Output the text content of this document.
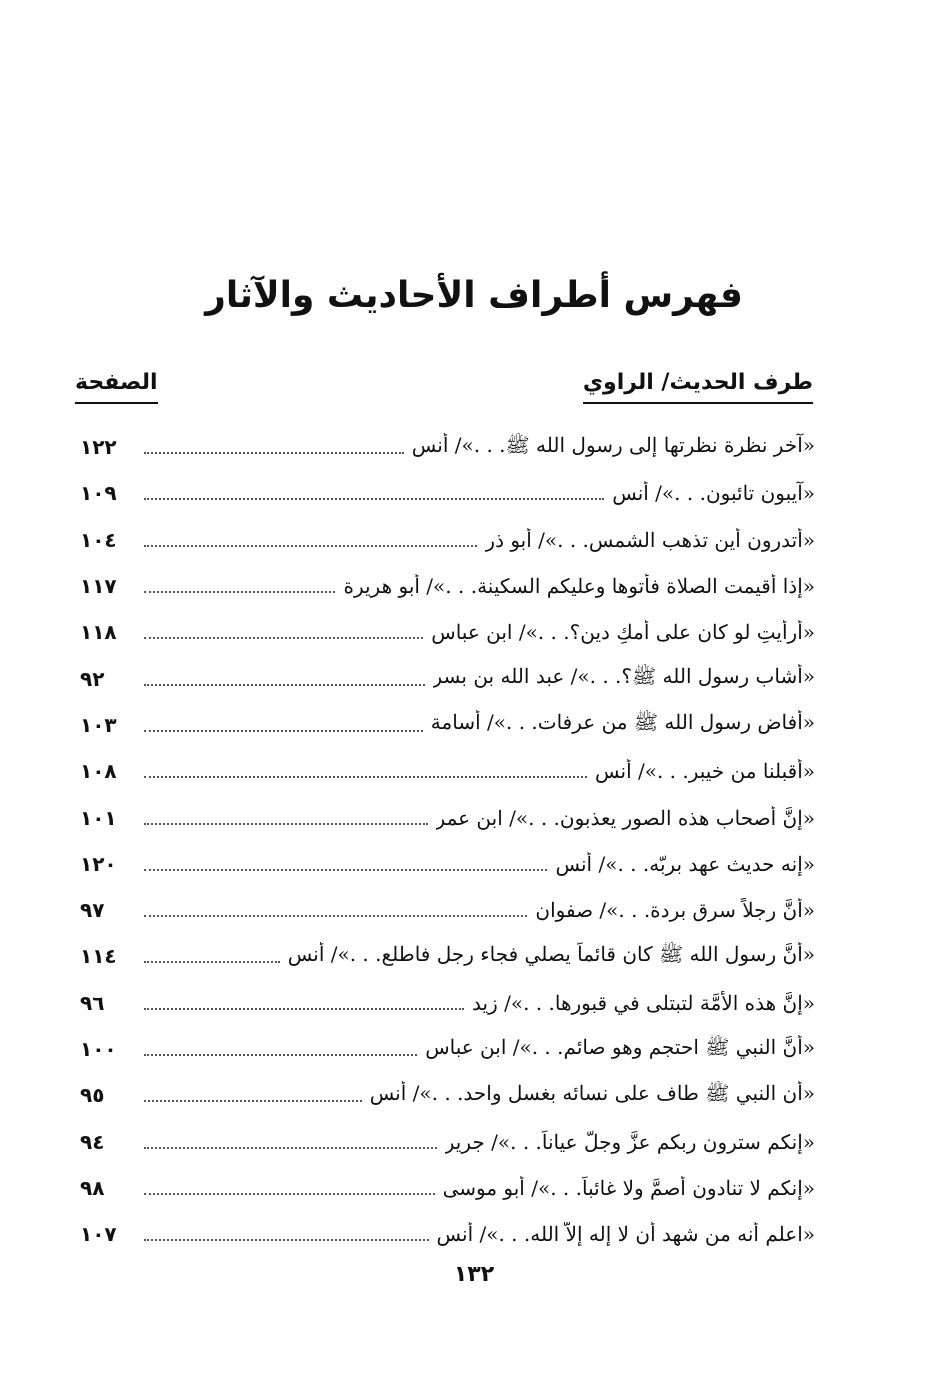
فهرس أطراف الأحاديث والآثار
طرف الحديث/ الراوي
الصفحة
١٢٢	«آخر نظرة نظرتها إلى رسول الله ﷺ. . .»/ أنس
١٠٩	«آيبون تائبون. . .»/ أنس
١٠٤	«أتدرون أين تذهب الشمس. . .»/ أبو ذر
١١٧	«إذا أقيمت الصلاة فأتوها وعليكم السكينة. . .»/ أبو هريرة
١١٨	«أرأيتِ لو كان على أمكِ دين؟. . .»/ ابن عباس
٩٢	«أشاب رسول الله ﷺ؟. . .»/ عبد الله بن بسر
١٠٣	«أفاض رسول الله ﷺ من عرفات. . .»/ أسامة
١٠٨	«أقبلنا من خيبر. . .»/ أنس
١٠١	«إنَّ أصحاب هذه الصور يعذبون. . .»/ ابن عمر
١٢٠	«إنه حديث عهد بربّه. . .»/ أنس
٩٧	«أنَّ رجلاً سرق بردة. . .»/ صفوان
١١٤	«أنَّ رسول الله ﷺ كان قائماً يصلي فجاء رجل فاطلع. . .»/ أنس
٩٦	«إنَّ هذه الأمَّة لتبتلى في قبورها. . .»/ زيد
١٠٠	«أنَّ النبي ﷺ احتجم وهو صائم. . .»/ ابن عباس
٩٥	«أن النبي ﷺ طاف على نسائه بغسل واحد. . .»/ أنس
٩٤	«إنكم سترون ربكم عزَّ وجلّ عياناً. . .»/ جرير
٩٨	«إنكم لا تنادون أصمَّ ولا غائباً. . .»/ أبو موسى
١٠٧	«اعلم أنه من شهد أن لا إله إلاّ الله. . .»/ أنس
١٣٢
